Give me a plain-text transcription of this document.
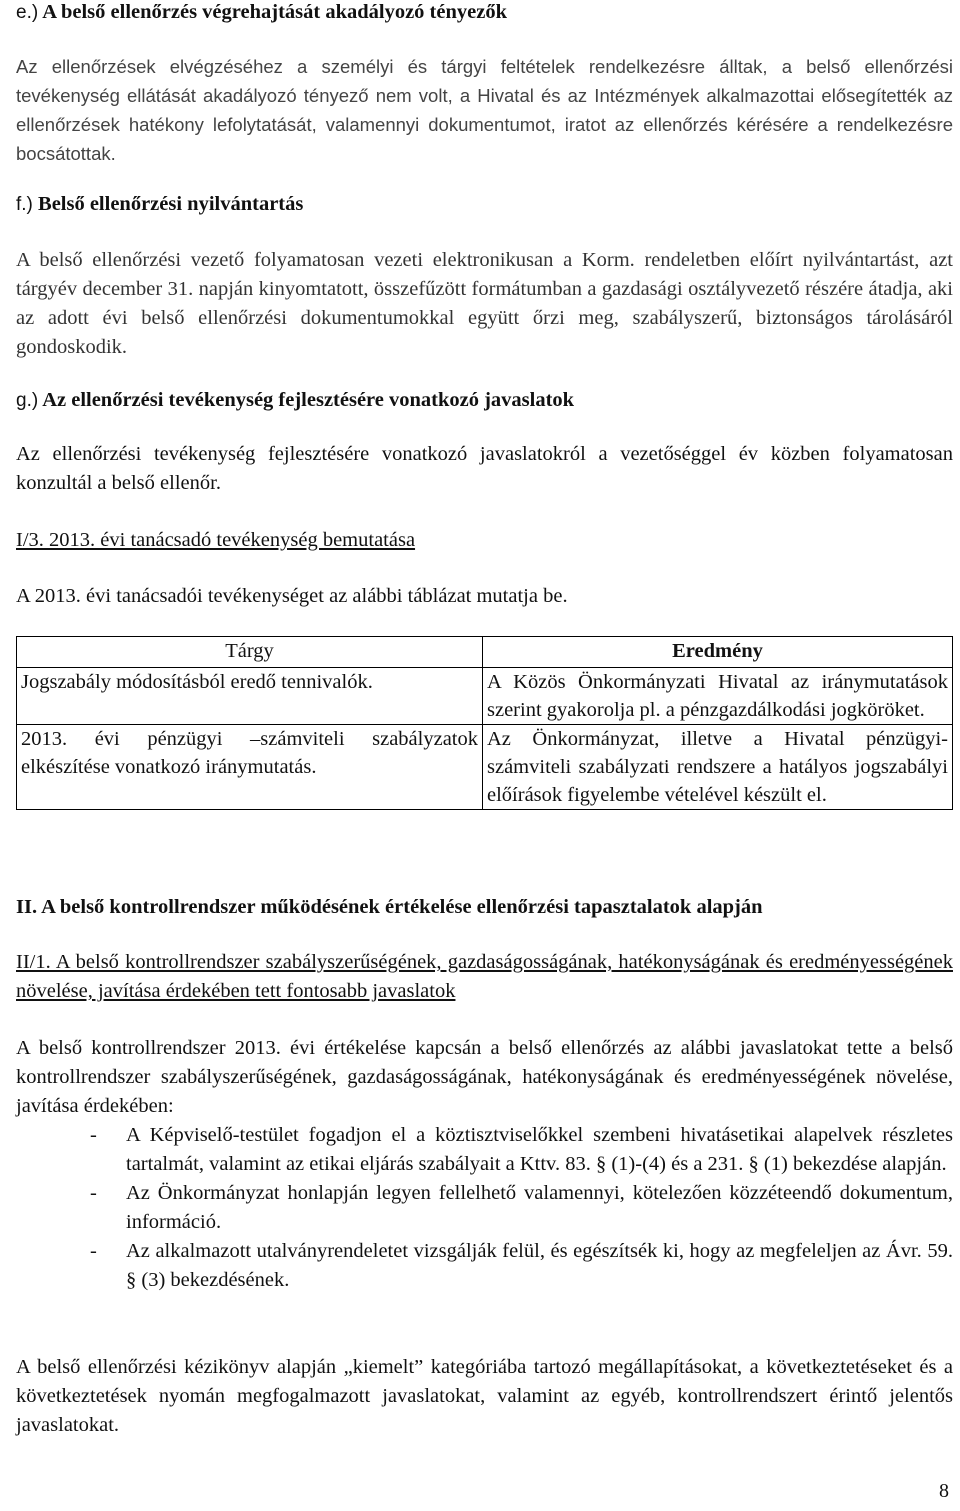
e.) A belső ellenőrzés végrehajtását akadályozó tényezők

Az ellenőrzések elvégzéséhez a személyi és tárgyi feltételek rendelkezésre álltak, a belső ellenőrzési tevékenység ellátását akadályozó tényező nem volt, a Hivatal és az Intézmények alkalmazottai elősegítették az ellenőrzések hatékony lefolytatását, valamennyi dokumentumot, iratot az ellenőrzés kérésére a rendelkezésre bocsátottak.

f.) Belső ellenőrzési nyilvántartás

A belső ellenőrzési vezető folyamatosan vezeti elektronikusan a Korm. rendeletben előírt nyilvántartást, azt tárgyév december 31. napján kinyomtatott, összefűzött formátumban a gazdasági osztályvezető részére átadja, aki az adott évi belső ellenőrzési dokumentumokkal együtt őrzi meg, szabályszerű, biztonságos tárolásáról gondoskodik.

g.) Az ellenőrzési tevékenység fejlesztésére vonatkozó javaslatok

Az ellenőrzési tevékenység fejlesztésére vonatkozó javaslatokról a vezetőséggel év közben folyamatosan konzultál a belső ellenőr.

I/3. 2013. évi tanácsadó tevékenység bemutatása

A 2013. évi tanácsadói tevékenységet az alábbi táblázat mutatja be.

Tárgy	Eredmény
Jogszabály módosításból eredő tennivalók.	A Közös Önkormányzati Hivatal az iránymutatások szerint gyakorolja pl. a pénzgazdálkodási jogköröket.
2013. évi pénzügyi –számviteli szabályzatok elkészítése vonatkozó iránymutatás.	Az Önkormányzat, illetve a Hivatal pénzügyi-számviteli szabályzati rendszere a hatályos jogszabályi előírások figyelembe vételével készült el.
II. A belső kontrollrendszer működésének értékelése ellenőrzési tapasztalatok alapján

II/1. A belső kontrollrendszer szabályszerűségének, gazdaságosságának, hatékonyságának és eredményességének növelése, javítása érdekében tett fontosabb javaslatok

A belső kontrollrendszer 2013. évi értékelése kapcsán a belső ellenőrzés az alábbi javaslatokat tette a belső kontrollrendszer szabályszerűségének, gazdaságosságának, hatékonyságának és eredményességének növelése, javítása érdekében:

- A Képviselő-testület fogadjon el a köztisztviselőkkel szembeni hivatásetikai alapelvek részletes tartalmát, valamint az etikai eljárás szabályait a Kttv. 83. § (1)-(4) és a 231. § (1) bekezdése alapján.
- Az Önkormányzat honlapján legyen fellelhető valamennyi, kötelezően közzéteendő dokumentum, információ.
- Az alkalmazott utalványrendeletet vizsgálják felül, és egészítsék ki, hogy az megfeleljen az Ávr. 59. § (3) bekezdésének.

A belső ellenőrzési kézikönyv alapján „kiemelt” kategóriába tartozó megállapításokat, a következtetéseket és a következtetések nyomán megfogalmazott javaslatokat, valamint az egyéb, kontrollrendszert érintő jelentős javaslatokat.

8
